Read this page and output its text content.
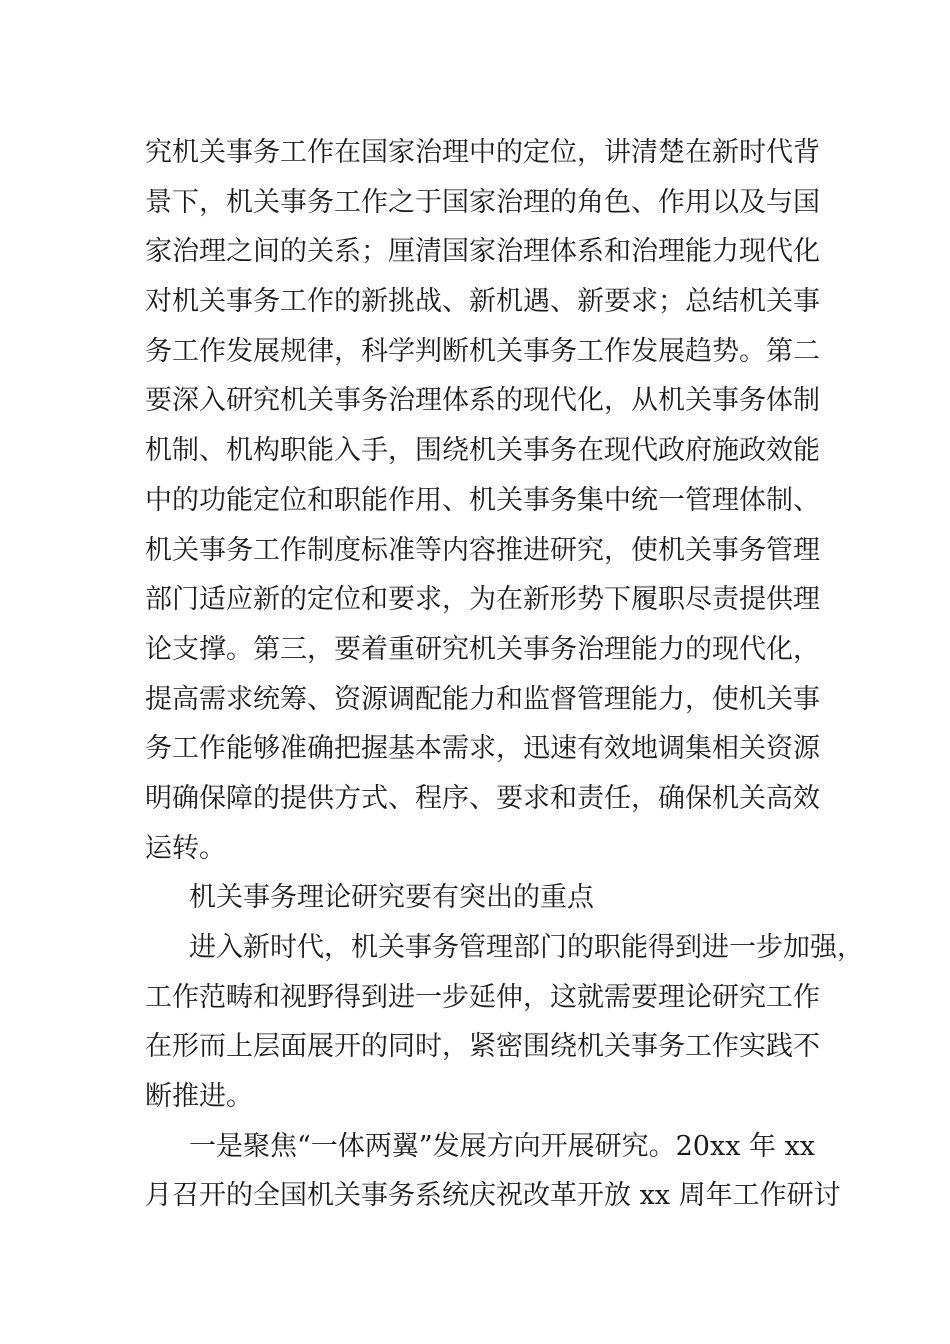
究机关事务工作在国家治理中的定位，讲清楚在新时代背
景下，机关事务工作之于国家治理的角色、作用以及与国
家治理之间的关系；厘清国家治理体系和治理能力现代化
对机关事务工作的新挑战、新机遇、新要求；总结机关事
务工作发展规律，科学判断机关事务工作发展趋势。第二
要深入研究机关事务治理体系的现代化，从机关事务体制
机制、机构职能入手，围绕机关事务在现代政府施政效能
中的功能定位和职能作用、机关事务集中统一管理体制、
机关事务工作制度标准等内容推进研究，使机关事务管理
部门适应新的定位和要求，为在新形势下履职尽责提供理
论支撑。第三，要着重研究机关事务治理能力的现代化，
提高需求统筹、资源调配能力和监督管理能力，使机关事
务工作能够准确把握基本需求，迅速有效地调集相关资源
明确保障的提供方式、程序、要求和责任，确保机关高效
运转。
机关事务理论研究要有突出的重点
进入新时代，机关事务管理部门的职能得到进一步加强，
工作范畴和视野得到进一步延伸，这就需要理论研究工作
在形而上层面展开的同时，紧密围绕机关事务工作实践不
断推进。
一是聚焦“一体两翼”发展方向开展研究。20xx 年 xx
月召开的全国机关事务系统庆祝改革开放 xx 周年工作研讨
